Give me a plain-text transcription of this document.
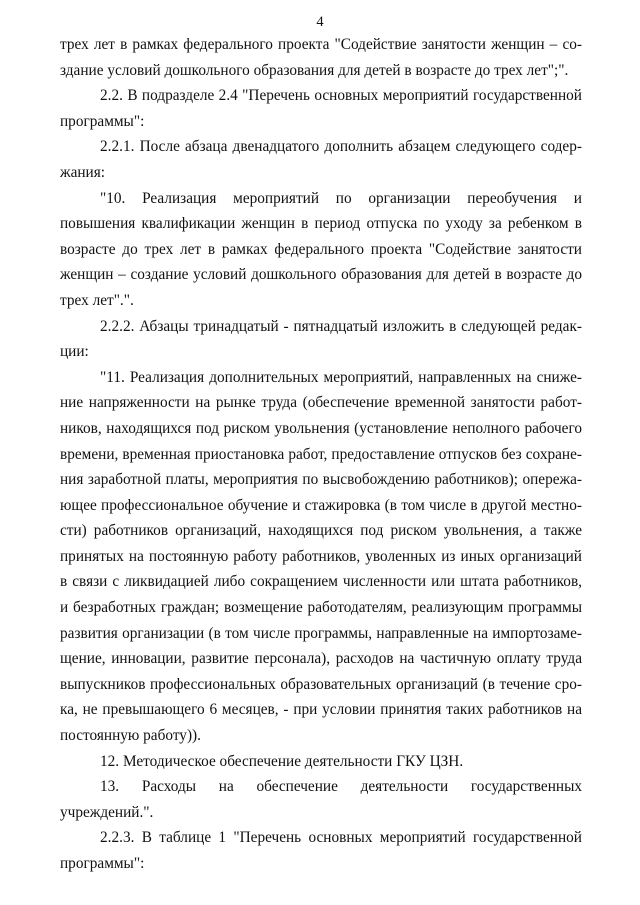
4

трех лет в рамках федерального проекта "Содействие занятости женщин – создание условий дошкольного образования для детей в возрасте до трех лет";".

2.2. В подразделе 2.4 "Перечень основных мероприятий государственной программы":

2.2.1. После абзаца двенадцатого дополнить абзацем следующего содержания:

"10. Реализация мероприятий по организации переобучения и повышения квалификации женщин в период отпуска по уходу за ребенком в возрасте до трех лет в рамках федерального проекта "Содействие занятости женщин – создание условий дошкольного образования для детей в возрасте до трех лет".".

2.2.2. Абзацы тринадцатый - пятнадцатый изложить в следующей редакции:

"11. Реализация дополнительных мероприятий, направленных на снижение напряженности на рынке труда (обеспечение временной занятости работников, находящихся под риском увольнения (установление неполного рабочего времени, временная приостановка работ, предоставление отпусков без сохранения заработной платы, мероприятия по высвобождению работников); опережающее профессиональное обучение и стажировка (в том числе в другой местности) работников организаций, находящихся под риском увольнения, а также принятых на постоянную работу работников, уволенных из иных организаций в связи с ликвидацией либо сокращением численности или штата работников, и безработных граждан; возмещение работодателям, реализующим программы развития организации (в том числе программы, направленные на импортозамещение, инновации, развитие персонала), расходов на частичную оплату труда выпускников профессиональных образовательных организаций (в течение срока, не превышающего 6 месяцев, - при условии принятия таких работников на постоянную работу)).

12. Методическое обеспечение деятельности ГКУ ЦЗН.

13. Расходы на обеспечение деятельности государственных учреждений.".

2.2.3. В таблице 1 "Перечень основных мероприятий государственной программы":
